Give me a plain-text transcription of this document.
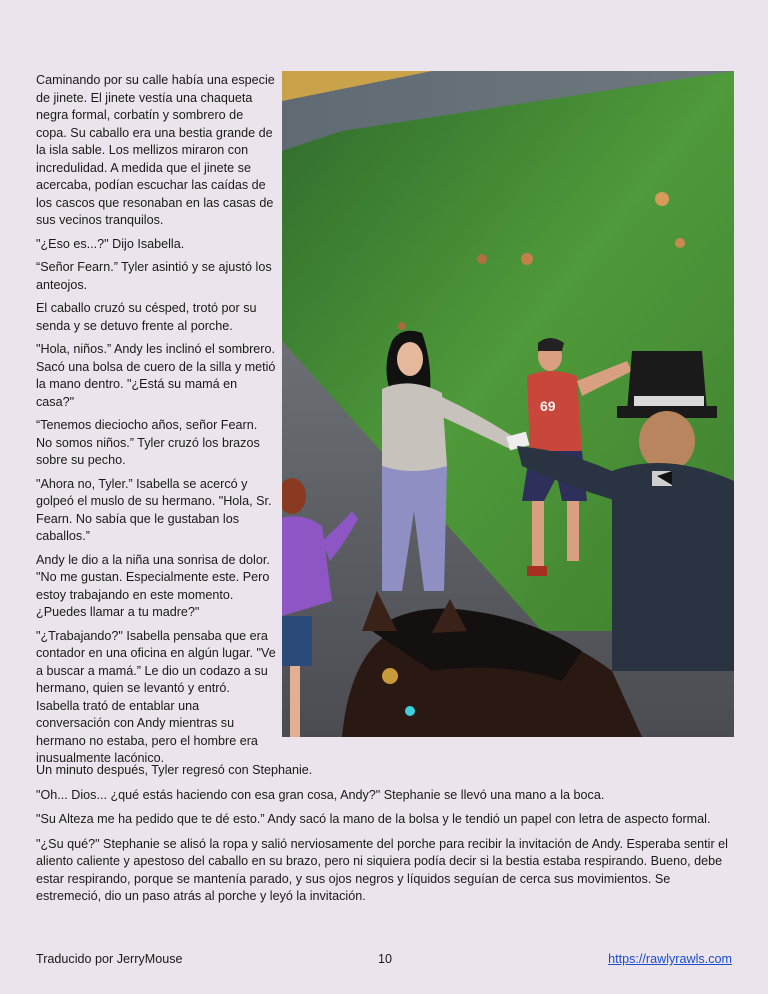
Caminando por su calle había una especie de jinete. El jinete vestía una chaqueta negra formal, corbatín y sombrero de copa. Su caballo era una bestia grande de la isla sable. Los mellizos miraron con incredulidad. A medida que el jinete se acercaba, podían escuchar las caídas de los cascos que resonaban en las casas de sus vecinos tranquilos.

"¿Eso es...?" Dijo Isabella.

“Señor Fearn.” Tyler asintió y se ajustó los anteojos.

El caballo cruzó su césped, trotó por su senda y se detuvo frente al porche.

"Hola, niños.” Andy les inclinó el sombrero. Sacó una bolsa de cuero de la silla y metió la mano dentro. "¿Está su mamá en casa?"

“Tenemos dieciocho años, señor Fearn. No somos niños.” Tyler cruzó los brazos sobre su pecho.

"Ahora no, Tyler.” Isabella se acercó y golpeó el muslo de su hermano. "Hola, Sr. Fearn. No sabía que le gustaban los caballos.”

Andy le dio a la niña una sonrisa de dolor. "No me gustan. Especialmente este. Pero estoy trabajando en este momento. ¿Puedes llamar a tu madre?"

"¿Trabajando?" Isabella pensaba que era contador en una oficina en algún lugar. "Ve a buscar a mamá.” Le dio un codazo a su hermano, quien se levantó y entró. Isabella trató de entablar una conversación con Andy mientras su hermano no estaba, pero el hombre era inusualmente lacónico.

69

Un minuto después, Tyler regresó con Stephanie.

"Oh... Dios... ¿qué estás haciendo con esa gran cosa, Andy?" Stephanie se llevó una mano a la boca.

"Su Alteza me ha pedido que te dé esto.” Andy sacó la mano de la bolsa y le tendió un papel con letra de aspecto formal.

"¿Su qué?" Stephanie se alisó la ropa y salió nerviosamente del porche para recibir la invitación de Andy. Esperaba sentir el aliento caliente y apestoso del caballo en su brazo, pero ni siquiera podía decir si la bestia estaba respirando. Bueno, debe estar respirando, porque se mantenía parado, y sus ojos negros y líquidos seguían de cerca sus movimientos. Se estremeció, dio un paso atrás al porche y leyó la invitación.

Traducido por JerryMouse	10	https://rawlyrawls.com
